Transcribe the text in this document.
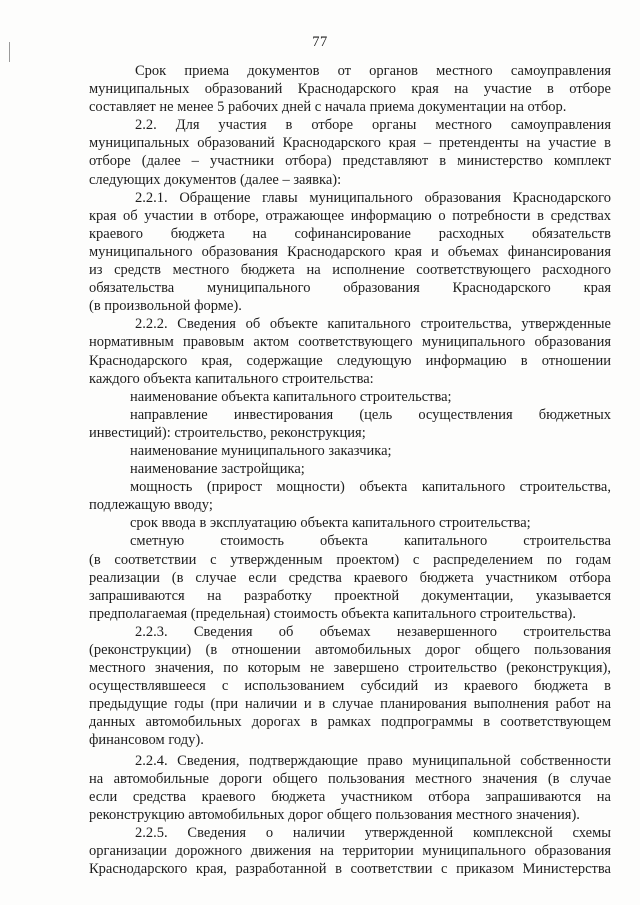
77
Срок приема документов от органов местного самоуправления
муниципальных образований Краснодарского края на участие в отборе
составляет не менее 5 рабочих дней с начала приема документации на отбор.
2.2. Для участия в отборе органы местного самоуправления
муниципальных образований Краснодарского края – претенденты на участие в
отборе (далее – участники отбора) представляют в министерство комплект
следующих документов (далее – заявка):
2.2.1. Обращение главы муниципального образования Краснодарского
края об участии в отборе, отражающее информацию о потребности в средствах
краевого бюджета на софинансирование расходных обязательств
муниципального образования Краснодарского края и объемах финансирования
из средств местного бюджета на исполнение соответствующего расходного
обязательства муниципального образования Краснодарского края
(в произвольной форме).
2.2.2. Сведения об объекте капитального строительства, утвержденные
нормативным правовым актом соответствующего муниципального образования
Краснодарского края, содержащие следующую информацию в отношении
каждого объекта капитального строительства:
наименование объекта капитального строительства;
направление инвестирования (цель осуществления бюджетных
инвестиций): строительство, реконструкция;
наименование муниципального заказчика;
наименование застройщика;
мощность (прирост мощности) объекта капитального строительства,
подлежащую вводу;
срок ввода в эксплуатацию объекта капитального строительства;
сметную стоимость объекта капитального строительства
(в соответствии с утвержденным проектом) с распределением по годам
реализации (в случае если средства краевого бюджета участником отбора
запрашиваются на разработку проектной документации, указывается
предполагаемая (предельная) стоимость объекта капитального строительства).
2.2.3. Сведения об объемах незавершенного строительства
(реконструкции) (в отношении автомобильных дорог общего пользования
местного значения, по которым не завершено строительство (реконструкция),
осуществлявшееся с использованием субсидий из краевого бюджета в
предыдущие годы (при наличии и в случае планирования выполнения работ на
данных автомобильных дорогах в рамках подпрограммы в соответствующем
финансовом году).
2.2.4. Сведения, подтверждающие право муниципальной собственности
на автомобильные дороги общего пользования местного значения (в случае
если средства краевого бюджета участником отбора запрашиваются на
реконструкцию автомобильных дорог общего пользования местного значения).
2.2.5. Сведения о наличии утвержденной комплексной схемы
организации дорожного движения на территории муниципального образования
Краснодарского края, разработанной в соответствии с приказом Министерства
